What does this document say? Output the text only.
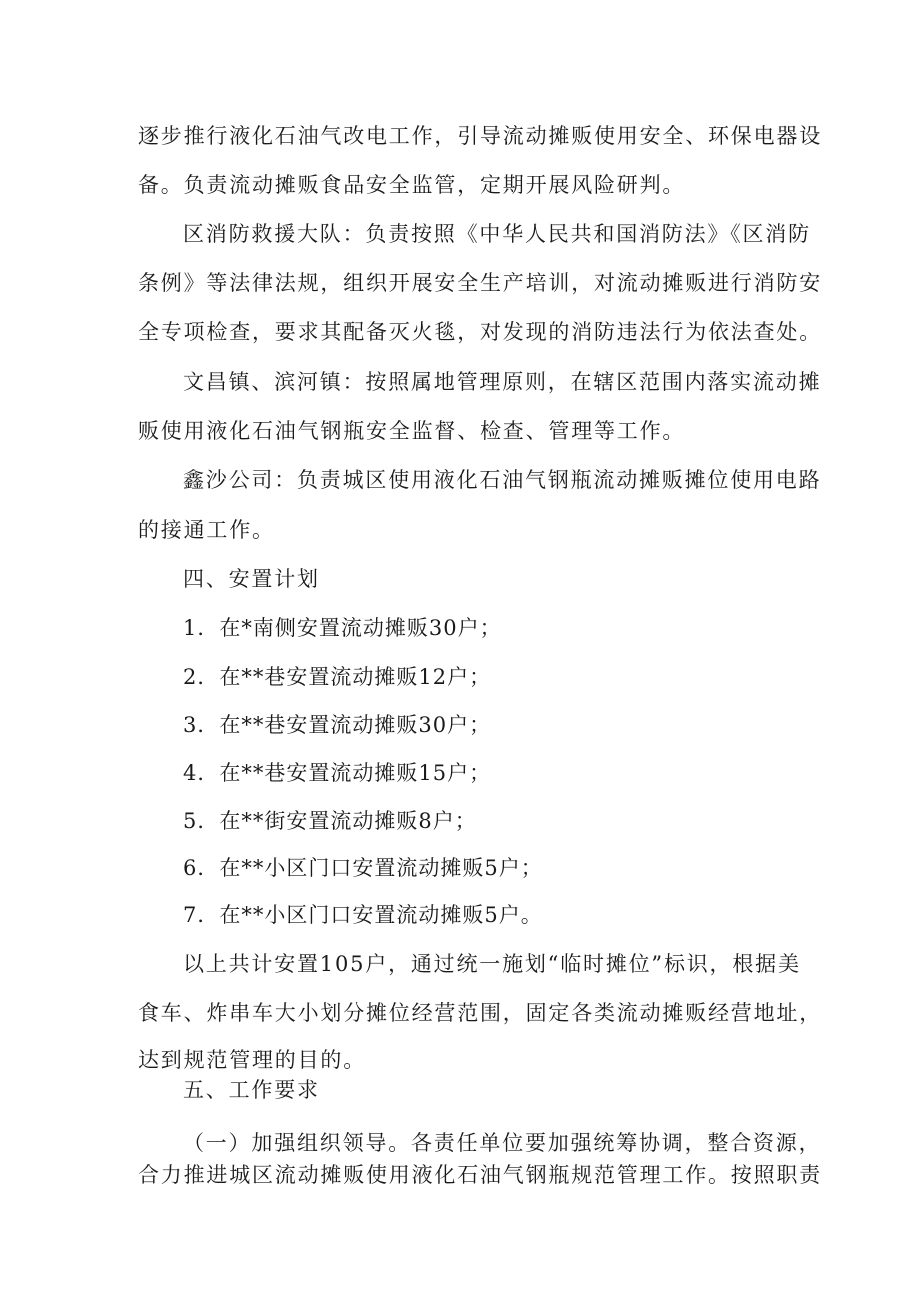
逐步推行液化石油气改电工作，引导流动摊贩使用安全、环保电器设
备。负责流动摊贩食品安全监管，定期开展风险研判。
区消防救援大队：负责按照《中华人民共和国消防法》《区消防
条例》等法律法规，组织开展安全生产培训，对流动摊贩进行消防安
全专项检查，要求其配备灭火毯，对发现的消防违法行为依法查处。
文昌镇、滨河镇：按照属地管理原则，在辖区范围内落实流动摊
贩使用液化石油气钢瓶安全监督、检查、管理等工作。
鑫沙公司：负责城区使用液化石油气钢瓶流动摊贩摊位使用电路
的接通工作。
四、安置计划
1．在*南侧安置流动摊贩30户；
2．在**巷安置流动摊贩12户；
3．在**巷安置流动摊贩30户；
4．在**巷安置流动摊贩15户；
5．在**街安置流动摊贩8户；
6．在**小区门口安置流动摊贩5户；
7．在**小区门口安置流动摊贩5户。
以上共计安置105户，通过统一施划“临时摊位”标识，根据美
食车、炸串车大小划分摊位经营范围，固定各类流动摊贩经营地址，
达到规范管理的目的。
五、工作要求
（一）加强组织领导。各责任单位要加强统筹协调，整合资源，
合力推进城区流动摊贩使用液化石油气钢瓶规范管理工作。按照职责
